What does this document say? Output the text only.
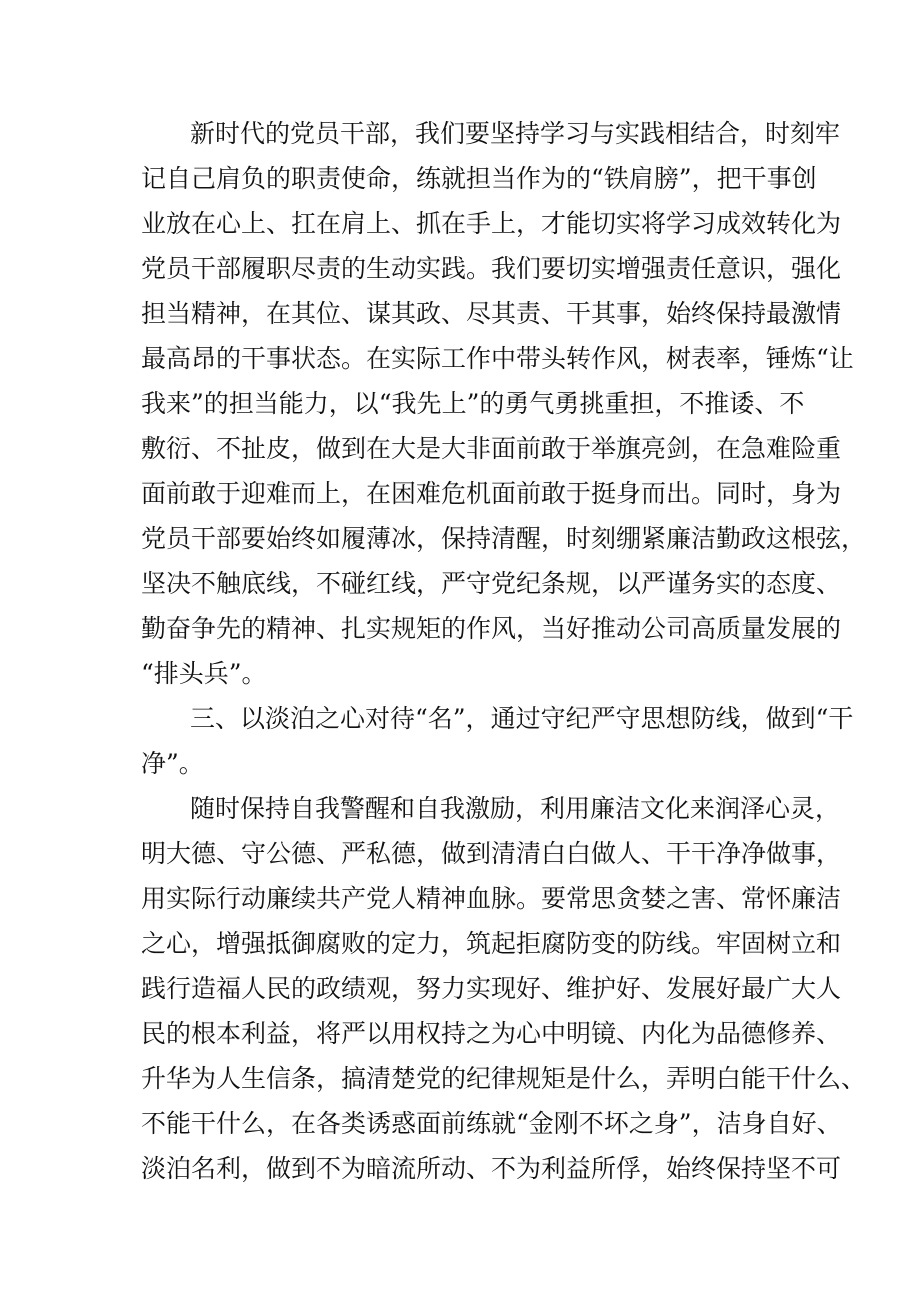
新时代的党员干部，我们要坚持学习与实践相结合，时刻牢
记自己肩负的职责使命，练就担当作为的“铁肩膀”，把干事创
业放在心上、扛在肩上、抓在手上，才能切实将学习成效转化为
党员干部履职尽责的生动实践。我们要切实增强责任意识，强化
担当精神，在其位、谋其政、尽其责、干其事，始终保持最激情
最高昂的干事状态。在实际工作中带头转作风，树表率，锤炼“让
我来”的担当能力，以“我先上”的勇气勇挑重担，不推诿、不
敷衍、不扯皮，做到在大是大非面前敢于举旗亮剑，在急难险重
面前敢于迎难而上，在困难危机面前敢于挺身而出。同时，身为
党员干部要始终如履薄冰，保持清醒，时刻绷紧廉洁勤政这根弦，
坚决不触底线，不碰红线，严守党纪条规，以严谨务实的态度、
勤奋争先的精神、扎实规矩的作风，当好推动公司高质量发展的
“排头兵”。
三、以淡泊之心对待“名”，通过守纪严守思想防线，做到“干
净”。
随时保持自我警醒和自我激励，利用廉洁文化来润泽心灵，
明大德、守公德、严私德，做到清清白白做人、干干净净做事，
用实际行动廉续共产党人精神血脉。要常思贪婪之害、常怀廉洁
之心，增强抵御腐败的定力，筑起拒腐防变的防线。牢固树立和
践行造福人民的政绩观，努力实现好、维护好、发展好最广大人
民的根本利益，将严以用权持之为心中明镜、内化为品德修养、
升华为人生信条，搞清楚党的纪律规矩是什么，弄明白能干什么、
不能干什么，在各类诱惑面前练就“金刚不坏之身”，洁身自好、
淡泊名利，做到不为暗流所动、不为利益所俘，始终保持坚不可
